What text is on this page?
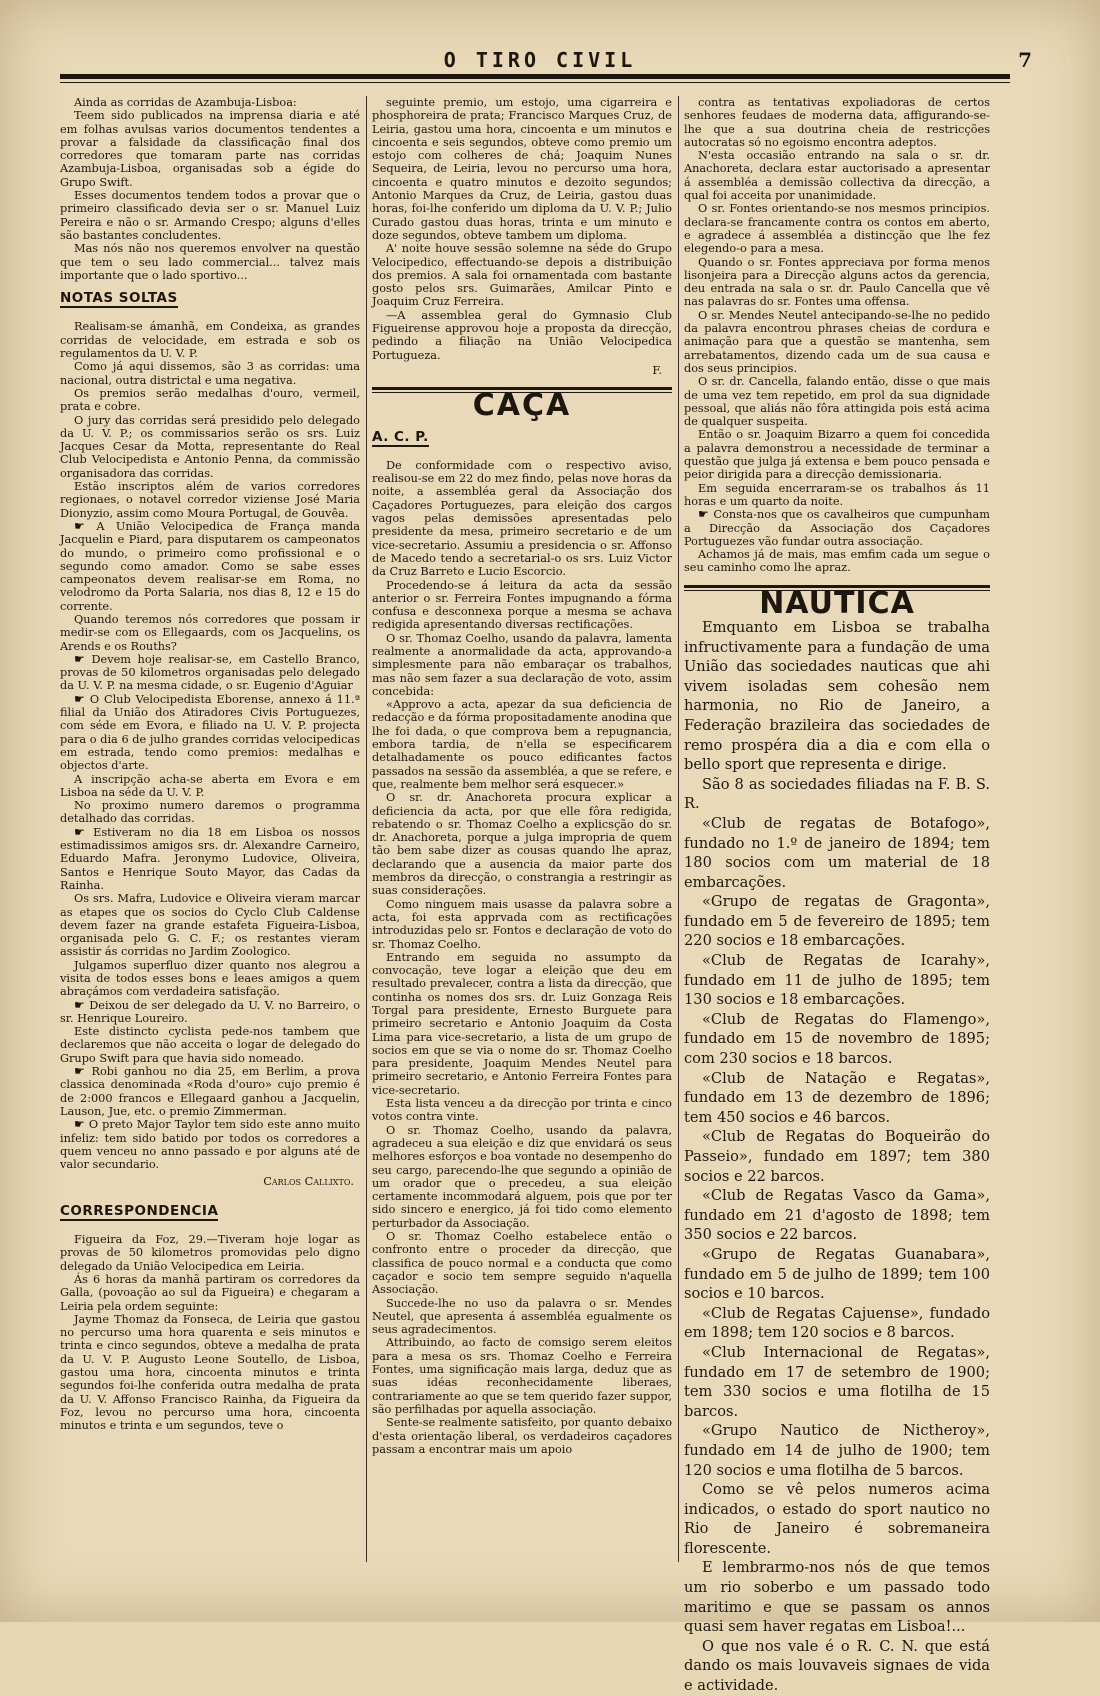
O TIRO CIVIL	7

Ainda as corridas de Azambuja-Lisboa:

Teem sido publicados na imprensa diaria e até em folhas avulsas varios documentos tendentes a provar a falsidade da classificação final dos corredores que tomaram parte nas corridas Azambuja-Lisboa, organisadas sob a égide do Grupo Swift.

Esses documentos tendem todos a provar que o primeiro classificado devia ser o sr. Manuel Luiz Pereira e não o sr. Armando Crespo; alguns d'elles são bastantes concludentes.

Mas nós não nos queremos envolver na questão que tem o seu lado commercial... talvez mais importante que o lado sportivo...

NOTAS SOLTAS

Realisam-se ámanhã, em Condeixa, as grandes corridas de velocidade, em estrada e sob os regulamentos da U. V. P.

Como já aqui dissemos, são 3 as corridas: uma nacional, outra districtal e uma negativa.

Os premios serão medalhas d'ouro, vermeil, prata e cobre.

O jury das corridas será presidido pelo delegado da U. V. P.; os commissarios serão os srs. Luiz Jacques Cesar da Motta, representante do Real Club Velocipedista e Antonio Penna, da commissão organisadora das corridas.

Estão inscriptos além de varios corredores regionaes, o notavel corredor viziense José Maria Dionyzio, assim como Moura Portugal, de Gouvêa.

☛ A União Velocipedica de França manda Jacquelin e Piard, para disputarem os campeonatos do mundo, o primeiro como profissional e o segundo como amador. Como se sabe esses campeonatos devem realisar-se em Roma, no velodromo da Porta Salaria, nos dias 8, 12 e 15 do corrente.

Quando teremos nós corredores que possam ir medir-se com os Ellegaards, com os Jacquelins, os Arends e os Rouths?

☛ Devem hoje realisar-se, em Castello Branco, provas de 50 kilometros organisadas pelo delegado da U. V. P. na mesma cidade, o sr. Eugenio d'Aguiar

☛ O Club Velocipedista Eborense, annexo á 11.ª filial da União dos Atiradores Civis Portuguezes, com séde em Evora, e filiado na U. V. P. projecta para o dia 6 de julho grandes corridas velocipedicas em estrada, tendo como premios: medalhas e objectos d'arte.

A inscripção acha-se aberta em Evora e em Lisboa na séde da U. V. P.

No proximo numero daremos o programma detalhado das corridas.

☛ Estiveram no dia 18 em Lisboa os nossos estimadissimos amigos srs. dr. Alexandre Carneiro, Eduardo Mafra. Jeronymo Ludovice, Oliveira, Santos e Henrique Souto Mayor, das Cadas da Rainha.

Os srs. Mafra, Ludovice e Oliveira vieram marcar as etapes que os socios do Cyclo Club Caldense devem fazer na grande estafeta Figueira-Lisboa, organisada pelo G. C. F.; os restantes vieram assistir ás corridas no Jardim Zoologico.

Julgamos superfluo dizer quanto nos alegrou a visita de todos esses bons e leaes amigos a quem abraçámos com verdadeira satisfação.

☛ Deixou de ser delegado da U. V. no Barreiro, o sr. Henrique Loureiro.

Este distincto cyclista pede-nos tambem que declaremos que não acceita o logar de delegado do Grupo Swift para que havia sido nomeado.

☛ Robi ganhou no dia 25, em Berlim, a prova classica denominada «Roda d'ouro» cujo premio é de 2:000 francos e Ellegaard ganhou a Jacquelin, Lauson, Jue, etc. o premio Zimmerman.

☛ O preto Major Taylor tem sido este anno muito infeliz: tem sido batido por todos os corredores a quem venceu no anno passado e por alguns até de valor secundario.

Carlos Callixto.
CORRESPONDENCIA

Figueira da Foz, 29.—Tiveram hoje logar as provas de 50 kilometros promovidas pelo digno delegado da União Velocipedica em Leiria.

Ás 6 horas da manhã partiram os corredores da Galla, (povoação ao sul da Figueira) e chegaram a Leiria pela ordem seguinte:

Jayme Thomaz da Fonseca, de Leiria que gastou no percurso uma hora quarenta e seis minutos e trinta e cinco segundos, obteve a medalha de prata da U. V. P. Augusto Leone Soutello, de Lisboa, gastou uma hora, cincoenta minutos e trinta segundos foi-lhe conferida outra medalha de prata da U. V. Affonso Francisco Rainha, da Figueira da Foz, levou no percurso uma hora, cincoenta minutos e trinta e um segundos, teve o

seguinte premio, um estojo, uma cigarreira e phosphoreira de prata; Francisco Marques Cruz, de Leiria, gastou uma hora, cincoenta e um minutos e cincoenta e seis segundos, obteve como premio um estojo com colheres de chá; Joaquim Nunes Sequeira, de Leiria, levou no percurso uma hora, cincoenta e quatro minutos e dezoito segundos; Antonio Marques da Cruz, de Leiria, gastou duas horas, foi-lhe conferido um diploma da U. V. P.; Julio Curado gastou duas horas, trinta e um minuto e doze segundos, obteve tambem um diploma.

A' noite houve sessão solemne na séde do Grupo Velocipedico, effectuando-se depois a distribuição dos premios. A sala foi ornamentada com bastante gosto pelos srs. Guimarães, Amilcar Pinto e Joaquim Cruz Ferreira.

—A assemblea geral do Gymnasio Club Figueirense approvou hoje a proposta da direcção, pedindo a filiação na União Velocipedica Portugueza.

F.
CAÇA
A. C. P.

De conformidade com o respectivo aviso, realisou-se em 22 do mez findo, pelas nove horas da noite, a assembléa geral da Associação dos Caçadores Portuguezes, para eleição dos cargos vagos pelas demissões apresentadas pelo presidente da mesa, primeiro secretario e de um vice-secretario. Assumiu a presidencia o sr. Affonso de Macedo tendo a secretarial-o os srs. Luiz Victor da Cruz Barreto e Lucio Escorcio.

Procedendo-se á leitura da acta da sessão anterior o sr. Ferreira Fontes impugnando a fórma confusa e desconnexa porque a mesma se achava redigida apresentando diversas rectificações.

O sr. Thomaz Coelho, usando da palavra, lamenta realmente a anormalidade da acta, approvando-a simplesmente para não embaraçar os trabalhos, mas não sem fazer a sua declaração de voto, assim concebida:

«Approvo a acta, apezar da sua deficiencia de redacção e da fórma propositadamente anodina que lhe foi dada, o que comprova bem a repugnancia, embora tardia, de n'ella se especificarem detalhadamente os pouco edificantes factos passados na sessão da assembléa, a que se refere, e que, realmente bem melhor será esquecer.»

O sr. dr. Anachoreta procura explicar a deficiencia da acta, por que elle fôra redigida, rebatendo o sr. Thomaz Coelho a explicsção do sr. dr. Anachoreta, porque a julga impropria de quem tão bem sabe dizer as cousas quando lhe apraz, declarando que a ausencia da maior parte dos membros da direcção, o constrangia a restringir as suas considerações.

Como ninguem mais usasse da palavra sobre a acta, foi esta apprvada com as rectificações introduzidas pelo sr. Fontos e declaração de voto do sr. Thomaz Coelho.

Entrando em seguida no assumpto da convocação, teve logar a eleição que deu em resultado prevalecer, contra a lista da direcção, que continha os nomes dos srs. dr. Luiz Gonzaga Reis Torgal para presidente, Ernesto Burguete para primeiro secretario e Antonio Joaquim da Costa Lima para vice-secretario, a lista de um grupo de socios em que se via o nome do sr. Thomaz Coelho para presidente, Joaquim Mendes Neutel para primeiro secretario, e Antonio Ferreira Fontes para vice-secretario.

Esta lista venceu a da direcção por trinta e cinco votos contra vinte.

O sr. Thomaz Coelho, usando da palavra, agradeceu a sua eleição e diz que envidará os seus melhores esforços e boa vontade no desempenho do seu cargo, parecendo-lhe que segundo a opinião de um orador que o precedeu, a sua eleição certamente incommodará alguem, pois que por ter sido sincero e energico, já foi tido como elemento perturbador da Associação.

O sr. Thomaz Coelho estabelece então o confronto entre o proceder da direcção, que classifica de pouco normal e a conducta que como caçador e socio tem sempre seguido n'aquella Associação.

Succede-lhe no uso da palavra o sr. Mendes Neutel, que apresenta á assembléa egualmente os seus agradecimentos.

Attribuindo, ao facto de comsigo serem eleitos para a mesa os srs. Thomaz Coelho e Ferreira Fontes, uma significação mais larga, deduz que as suas idéas reconhecidamente liberaes, contrariamente ao que se tem querido fazer suppor, são perfilhadas por aquella associação.

Sente-se realmente satisfeito, por quanto debaixo d'esta orientação liberal, os verdadeiros caçadores passam a encontrar mais um apoio

contra as tentativas expoliadoras de certos senhores feudaes de moderna data, affigurando-se-lhe que a sua doutrina cheia de restricções autocratas só no egoismo encontra adeptos.

N'esta occasião entrando na sala o sr. dr. Anachoreta, declara estar auctorisado a apresentar á assembléa a demissão collectiva da direcção, a qual foi acceita por unanimidade.

O sr. Fontes orientando-se nos mesmos principios. declara-se francamente contra os contos em aberto, e agradece á assembléa a distincção que lhe fez elegendo-o para a mesa.

Quando o sr. Fontes appreciava por forma menos lisonjeira para a Direcção alguns actos da gerencia, deu entrada na sala o sr. dr. Paulo Cancella que vê nas palavras do sr. Fontes uma offensa.

O sr. Mendes Neutel antecipando-se-lhe no pedido da palavra encontrou phrases cheias de cordura e animação para que a questão se mantenha, sem arrebatamentos, dizendo cada um de sua causa e dos seus principios.

O sr. dr. Cancella, falando então, disse o que mais de uma vez tem repetido, em prol da sua dignidade pessoal, que aliás não fôra attingida pois está acima de qualquer suspeita.

Então o sr. Joaquim Bizarro a quem foi concedida a palavra demonstrou a necessidade de terminar a questão que julga já extensa e bem pouco pensada e peior dirigida para a direcção demissionaria.

Em seguida encerraram-se os trabalhos ás 11 horas e um quarto da noite.

☛ Consta-nos que os cavalheiros que cumpunham a Direcção da Associação dos Caçadores Portuguezes vão fundar outra associação.

Achamos já de mais, mas emfim cada um segue o seu caminho como lhe apraz.

NAUTICA

Emquanto em Lisboa se trabalha infructivamente para a fundação de uma União das sociedades nauticas que ahi vivem isoladas sem cohesão nem harmonia, no Rio de Janeiro, a Federação brazileira das sociedades de remo prospéra dia a dia e com ella o bello sport que representa e dirige.

São 8 as sociedades filiadas na F. B. S. R.

«Club de regatas de Botafogo», fundado no 1.º de janeiro de 1894; tem 180 socios com um material de 18 embarcações.

«Grupo de regatas de Gragonta», fundado em 5 de fevereiro de 1895; tem 220 socios e 18 embarcações.

«Club de Regatas de Icarahy», fundado em 11 de julho de 1895; tem 130 socios e 18 embarcações.

«Club de Regatas do Flamengo», fundado em 15 de novembro de 1895; com 230 socios e 18 barcos.

«Club de Natação e Regatas», fundado em 13 de dezembro de 1896; tem 450 socios e 46 barcos.

«Club de Regatas do Boqueirão do Passeio», fundado em 1897; tem 380 socios e 22 barcos.

«Club de Regatas Vasco da Gama», fundado em 21 d'agosto de 1898; tem 350 socios e 22 barcos.

«Grupo de Regatas Guanabara», fundado em 5 de julho de 1899; tem 100 socios e 10 barcos.

«Club de Regatas Cajuense», fundado em 1898; tem 120 socios e 8 barcos.

«Club Internacional de Regatas», fundado em 17 de setembro de 1900; tem 330 socios e uma flotilha de 15 barcos.

«Grupo Nautico de Nictheroy», fundado em 14 de julho de 1900; tem 120 socios e uma flotilha de 5 barcos.

Como se vê pelos numeros acima indicados, o estado do sport nautico no Rio de Janeiro é sobremaneira florescente.

E lembrarmo-nos nós de que temos um rio soberbo e um passado todo maritimo e que se passam os annos quasi sem haver regatas em Lisboa!...

O que nos vale é o R. C. N. que está dando os mais louvaveis signaes de vida e actividade.
